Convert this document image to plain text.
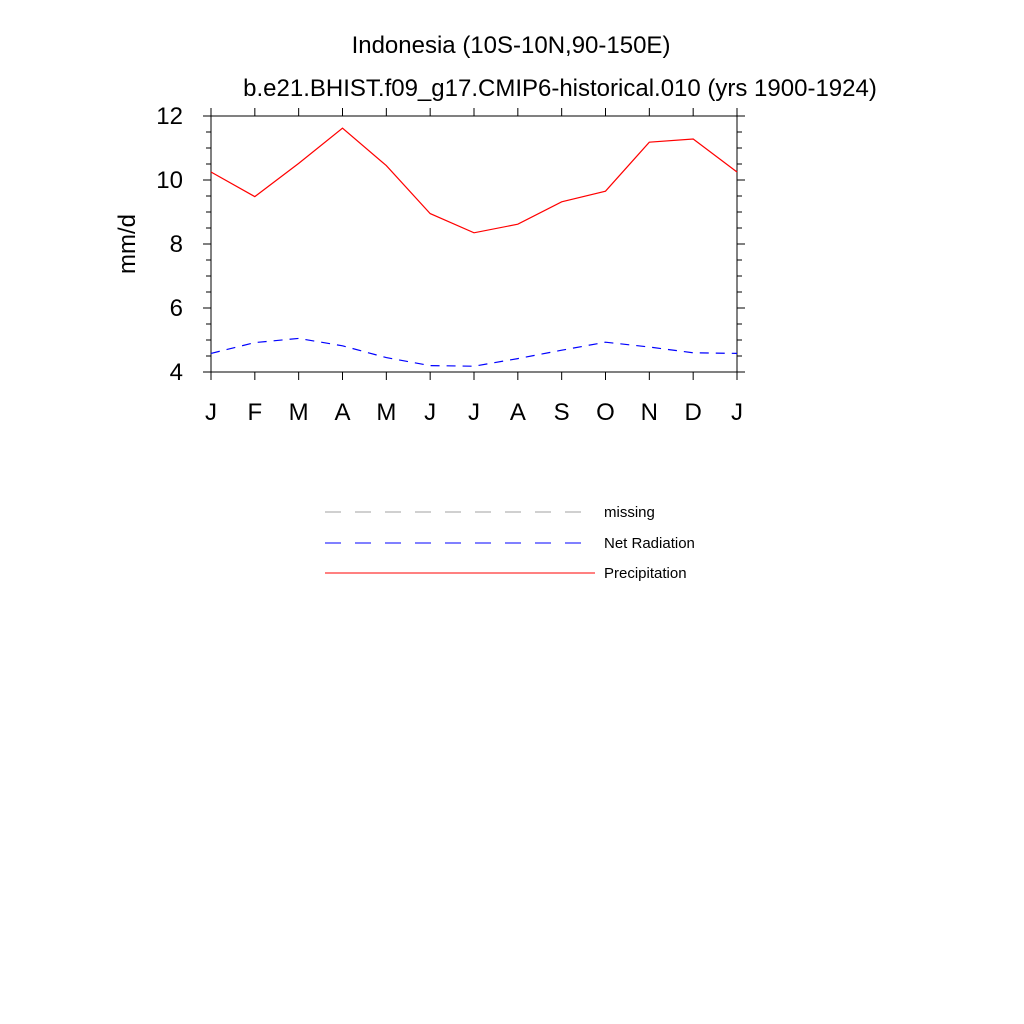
Indonesia (10S-10N,90-150E)
b.e21.BHIST.f09_g17.CMIP6-historical.010 (yrs 1900-1924)
mm/d
4
6
8
10
12
J F M A M J J A S O N D J
missing
Net Radiation
Precipitation
